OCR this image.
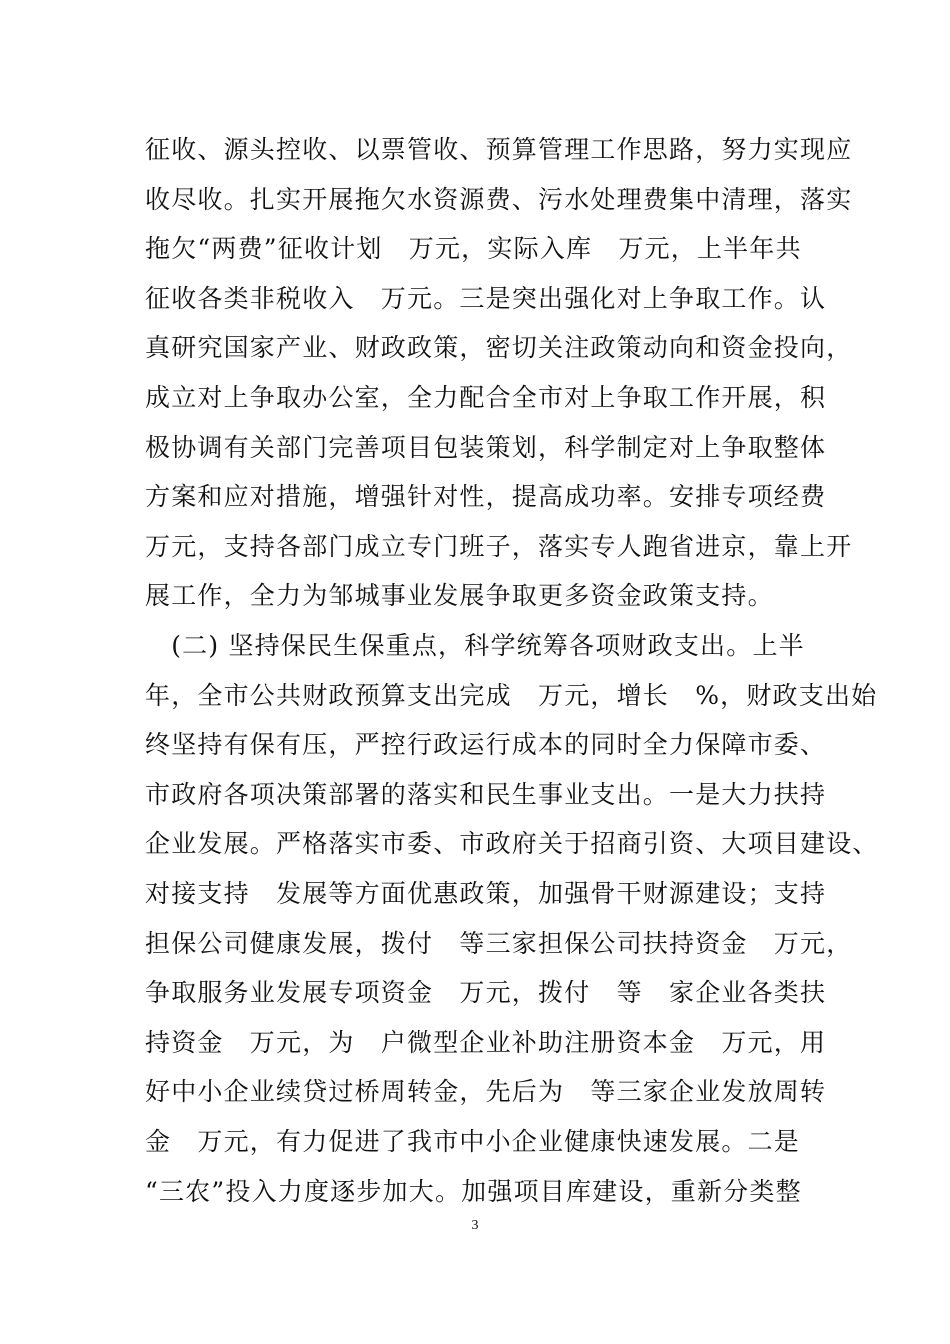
征收、源头控收、以票管收、预算管理工作思路，努力实现应
收尽收。扎实开展拖欠水资源费、污水处理费集中清理，落实
拖欠“两费”征收计划　万元，实际入库　万元，上半年共
征收各类非税收入　万元。三是突出强化对上争取工作。认
真研究国家产业、财政政策，密切关注政策动向和资金投向，
成立对上争取办公室，全力配合全市对上争取工作开展，积
极协调有关部门完善项目包装策划，科学制定对上争取整体
方案和应对措施，增强针对性，提高成功率。安排专项经费
万元，支持各部门成立专门班子，落实专人跑省进京，靠上开
展工作，全力为邹城事业发展争取更多资金政策支持。
　(二) 坚持保民生保重点，科学统筹各项财政支出。上半
年，全市公共财政预算支出完成　万元，增长　%，财政支出始
终坚持有保有压，严控行政运行成本的同时全力保障市委、
市政府各项决策部署的落实和民生事业支出。一是大力扶持
企业发展。严格落实市委、市政府关于招商引资、大项目建设、
对接支持　发展等方面优惠政策，加强骨干财源建设；支持
担保公司健康发展，拨付　等三家担保公司扶持资金　万元，
争取服务业发展专项资金　万元，拨付　等　家企业各类扶
持资金　万元，为　户微型企业补助注册资本金　万元，用
好中小企业续贷过桥周转金，先后为　等三家企业发放周转
金　万元，有力促进了我市中小企业健康快速发展。二是
“三农”投入力度逐步加大。加强项目库建设，重新分类整
3
